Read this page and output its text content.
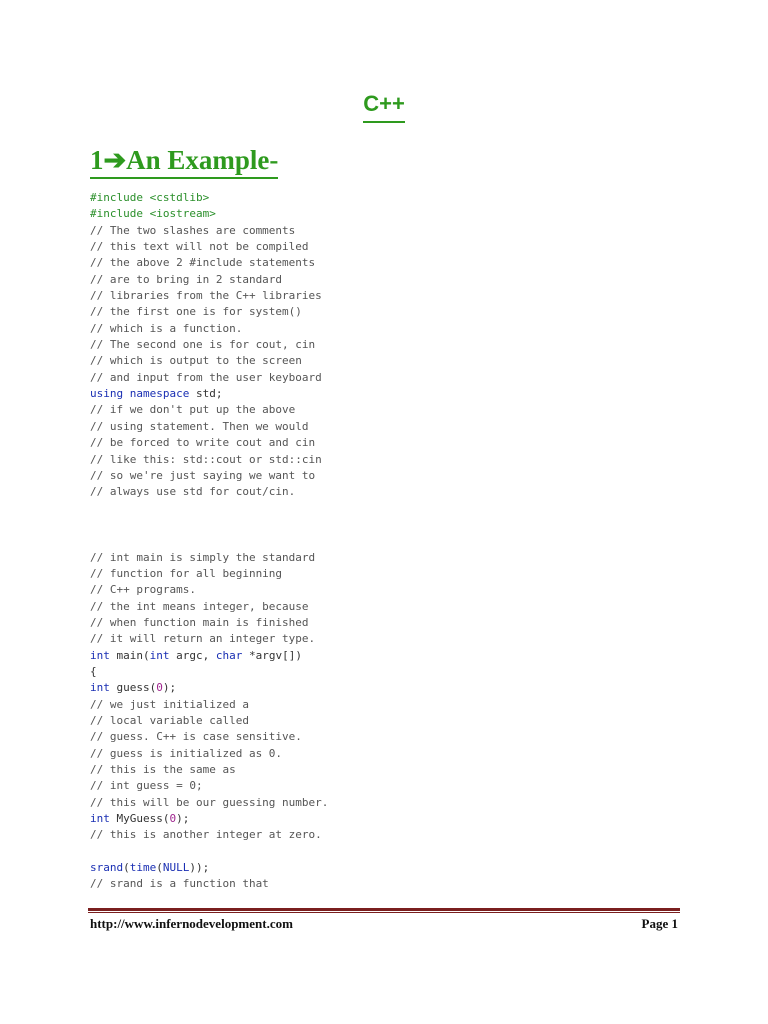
C++
1➔An Example-
#include <cstdlib>
#include <iostream>
// The two slashes are comments
// this text will not be compiled
// the above 2 #include statements
// are to bring in 2 standard
// libraries from the C++ libraries
// the first one is for system()
// which is a function.
// The second one is for cout, cin
// which is output to the screen
// and input from the user keyboard
using namespace std;
// if we don't put up the above
// using statement. Then we would
// be forced to write cout and cin
// like this: std::cout or std::cin
// so we're just saying we want to
// always use std for cout/cin.

// int main is simply the standard
// function for all beginning
// C++ programs.
// the int means integer, because
// when function main is finished
// it will return an integer type.
int main(int argc, char *argv[])
{
int guess(0);
// we just initialized a
// local variable called
// guess. C++ is case sensitive.
// guess is initialized as 0.
// this is the same as
// int guess = 0;
// this will be our guessing number.
int MyGuess(0);
// this is another integer at zero.

srand(time(NULL));
// srand is a function that
http://www.infernodevelopment.com	Page 1
